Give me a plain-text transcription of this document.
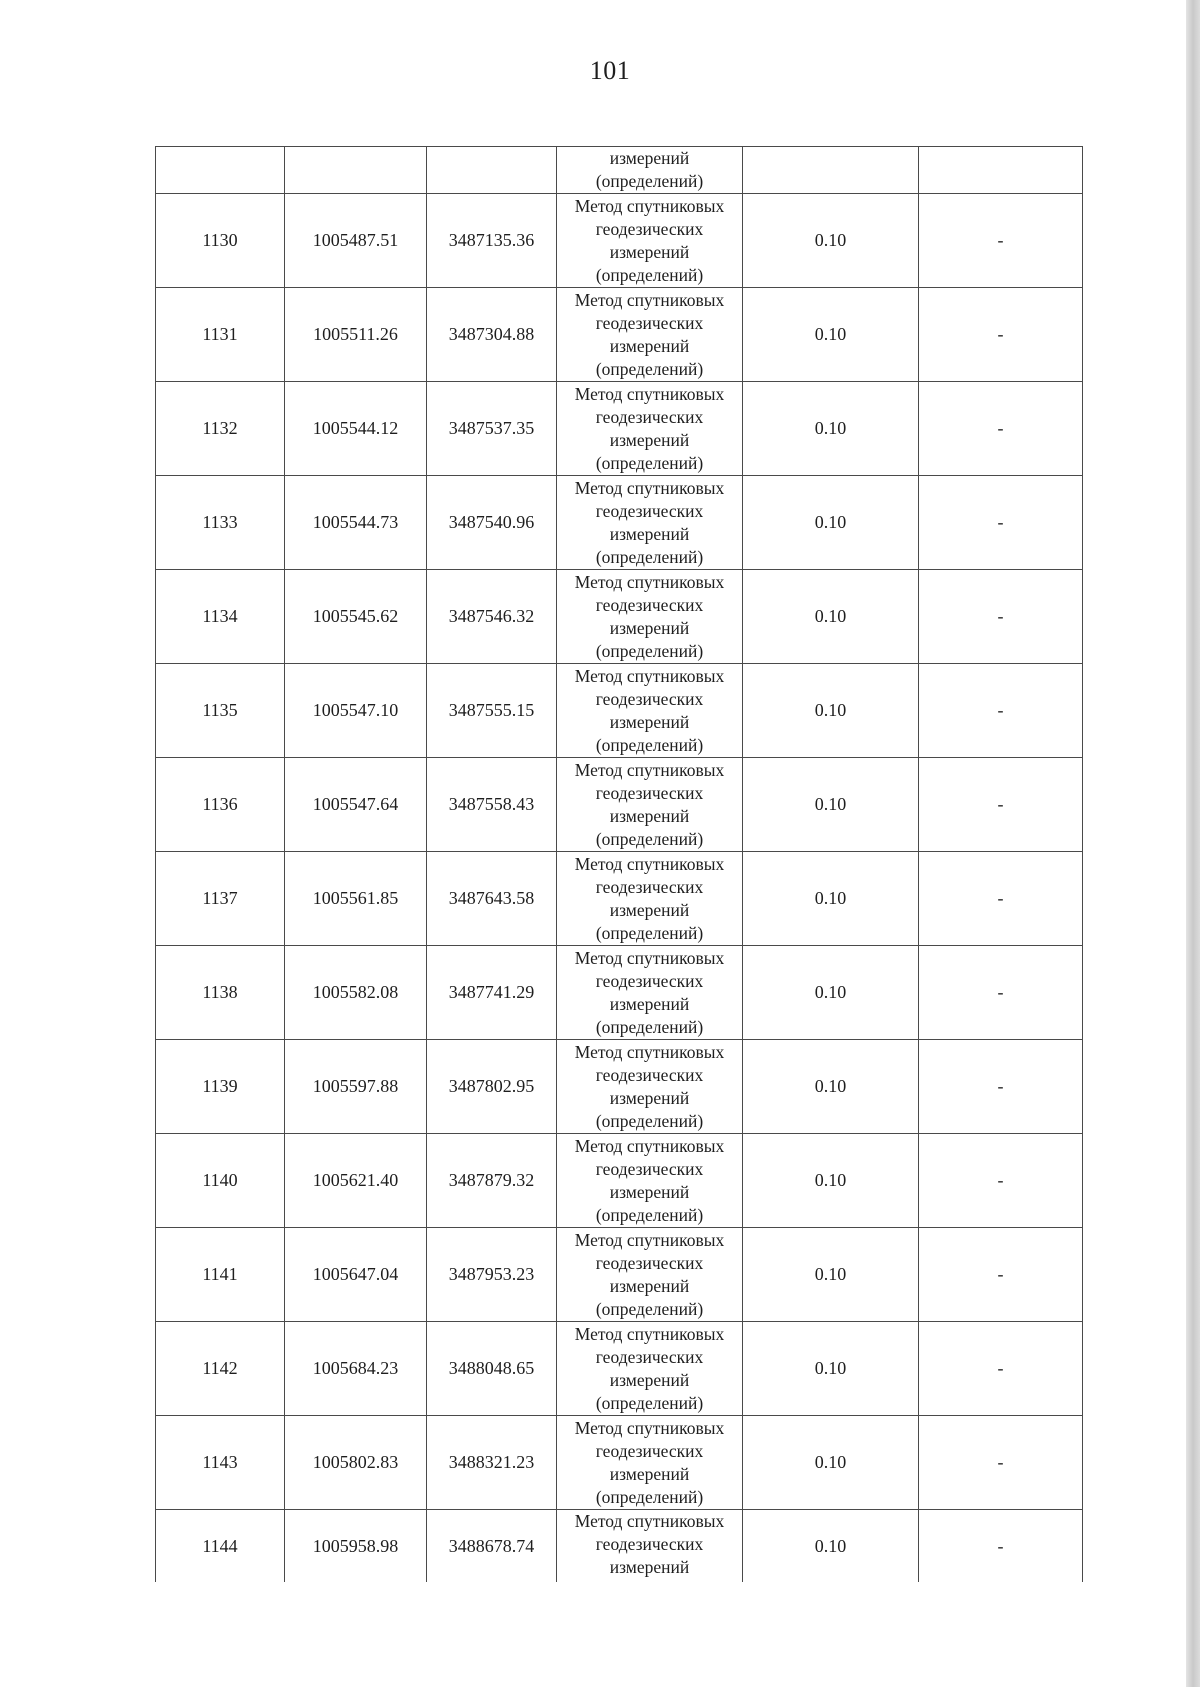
101

			измерений
(определений)		

1130	1005487.51	3487135.36	Метод спутниковых
геодезических
измерений
(определений)	0.10	-
1131	1005511.26	3487304.88	Метод спутниковых
геодезических
измерений
(определений)	0.10	-
1132	1005544.12	3487537.35	Метод спутниковых
геодезических
измерений
(определений)	0.10	-
1133	1005544.73	3487540.96	Метод спутниковых
геодезических
измерений
(определений)	0.10	-
1134	1005545.62	3487546.32	Метод спутниковых
геодезических
измерений
(определений)	0.10	-
1135	1005547.10	3487555.15	Метод спутниковых
геодезических
измерений
(определений)	0.10	-
1136	1005547.64	3487558.43	Метод спутниковых
геодезических
измерений
(определений)	0.10	-
1137	1005561.85	3487643.58	Метод спутниковых
геодезических
измерений
(определений)	0.10	-
1138	1005582.08	3487741.29	Метод спутниковых
геодезических
измерений
(определений)	0.10	-
1139	1005597.88	3487802.95	Метод спутниковых
геодезических
измерений
(определений)	0.10	-
1140	1005621.40	3487879.32	Метод спутниковых
геодезических
измерений
(определений)	0.10	-
1141	1005647.04	3487953.23	Метод спутниковых
геодезических
измерений
(определений)	0.10	-
1142	1005684.23	3488048.65	Метод спутниковых
геодезических
измерений
(определений)	0.10	-
1143	1005802.83	3488321.23	Метод спутниковых
геодезических
измерений
(определений)	0.10	-
1144	1005958.98	3488678.74	Метод спутниковых
геодезических
измерений	0.10	-
